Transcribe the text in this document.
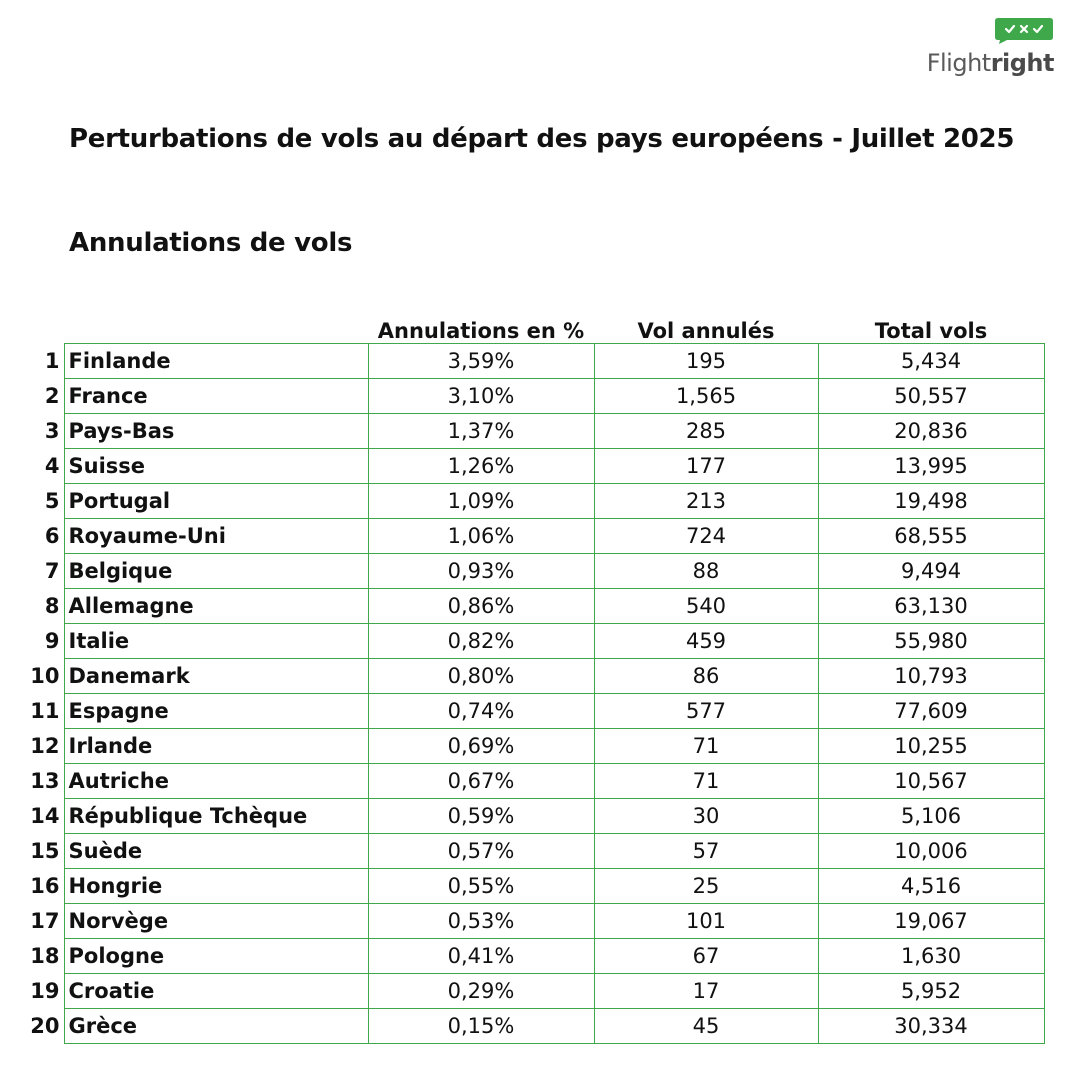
Flightright
Perturbations de vols au départ des pays européens - Juillet 2025
Annulations de vols
		Annulations en %	Vol annulés	Total vols
1	Finlande	3,59%	195	5,434
2	France	3,10%	1,565	50,557
3	Pays-Bas	1,37%	285	20,836
4	Suisse	1,26%	177	13,995
5	Portugal	1,09%	213	19,498
6	Royaume-Uni	1,06%	724	68,555
7	Belgique	0,93%	88	9,494
8	Allemagne	0,86%	540	63,130
9	Italie	0,82%	459	55,980
10	Danemark	0,80%	86	10,793
11	Espagne	0,74%	577	77,609
12	Irlande	0,69%	71	10,255
13	Autriche	0,67%	71	10,567
14	République Tchèque	0,59%	30	5,106
15	Suède	0,57%	57	10,006
16	Hongrie	0,55%	25	4,516
17	Norvège	0,53%	101	19,067
18	Pologne	0,41%	67	1,630
19	Croatie	0,29%	17	5,952
20	Grèce	0,15%	45	30,334
